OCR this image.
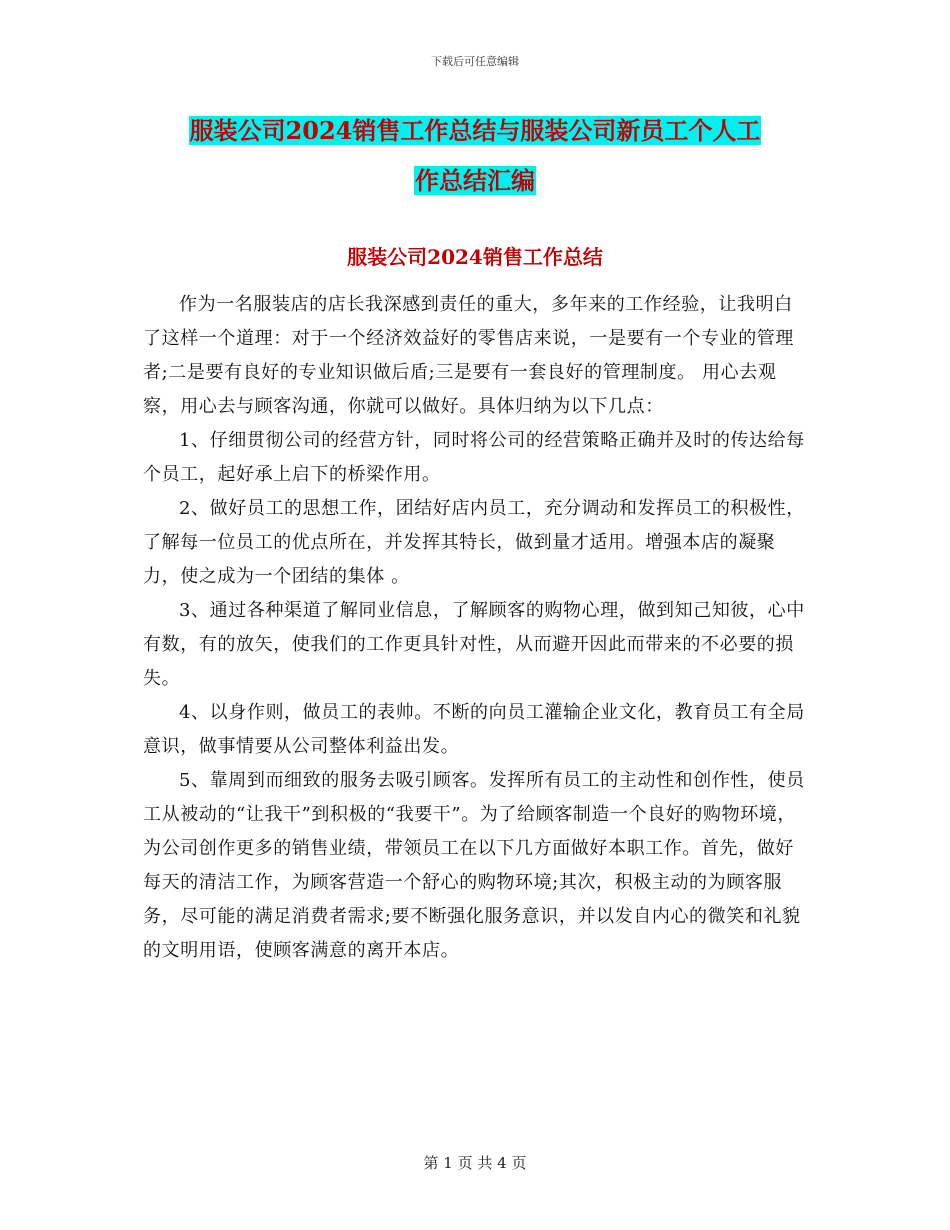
下载后可任意编辑
服装公司2024销售工作总结与服装公司新员工个人工
作总结汇编
服装公司2024销售工作总结

作为一名服装店的店长我深感到责任的重大，多年来的工作经验，让我明白了这样一个道理：对于一个经济效益好的零售店来说，一是要有一个专业的管理者;二是要有良好的专业知识做后盾;三是要有一套良好的管理制度。 用心去观察，用心去与顾客沟通，你就可以做好。具体归纳为以下几点：

1、仔细贯彻公司的经营方针，同时将公司的经营策略正确并及时的传达给每个员工，起好承上启下的桥梁作用。

2、做好员工的思想工作，团结好店内员工，充分调动和发挥员工的积极性，了解每一位员工的优点所在，并发挥其特长，做到量才适用。增强本店的凝聚力，使之成为一个团结的集体 。

3、通过各种渠道了解同业信息，了解顾客的购物心理，做到知己知彼，心中有数，有的放矢，使我们的工作更具针对性，从而避开因此而带来的不必要的损失。

4、以身作则，做员工的表帅。不断的向员工灌输企业文化，教育员工有全局意识，做事情要从公司整体利益出发。

5、靠周到而细致的服务去吸引顾客。发挥所有员工的主动性和创作性，使员工从被动的“让我干”到积极的“我要干”。为了给顾客制造一个良好的购物环境，为公司创作更多的销售业绩，带领员工在以下几方面做好本职工作。首先，做好每天的清洁工作，为顾客营造一个舒心的购物环境;其次，积极主动的为顾客服务，尽可能的满足消费者需求;要不断强化服务意识，并以发自内心的微笑和礼貌的文明用语，使顾客满意的离开本店。

第 1 页 共 4 页
